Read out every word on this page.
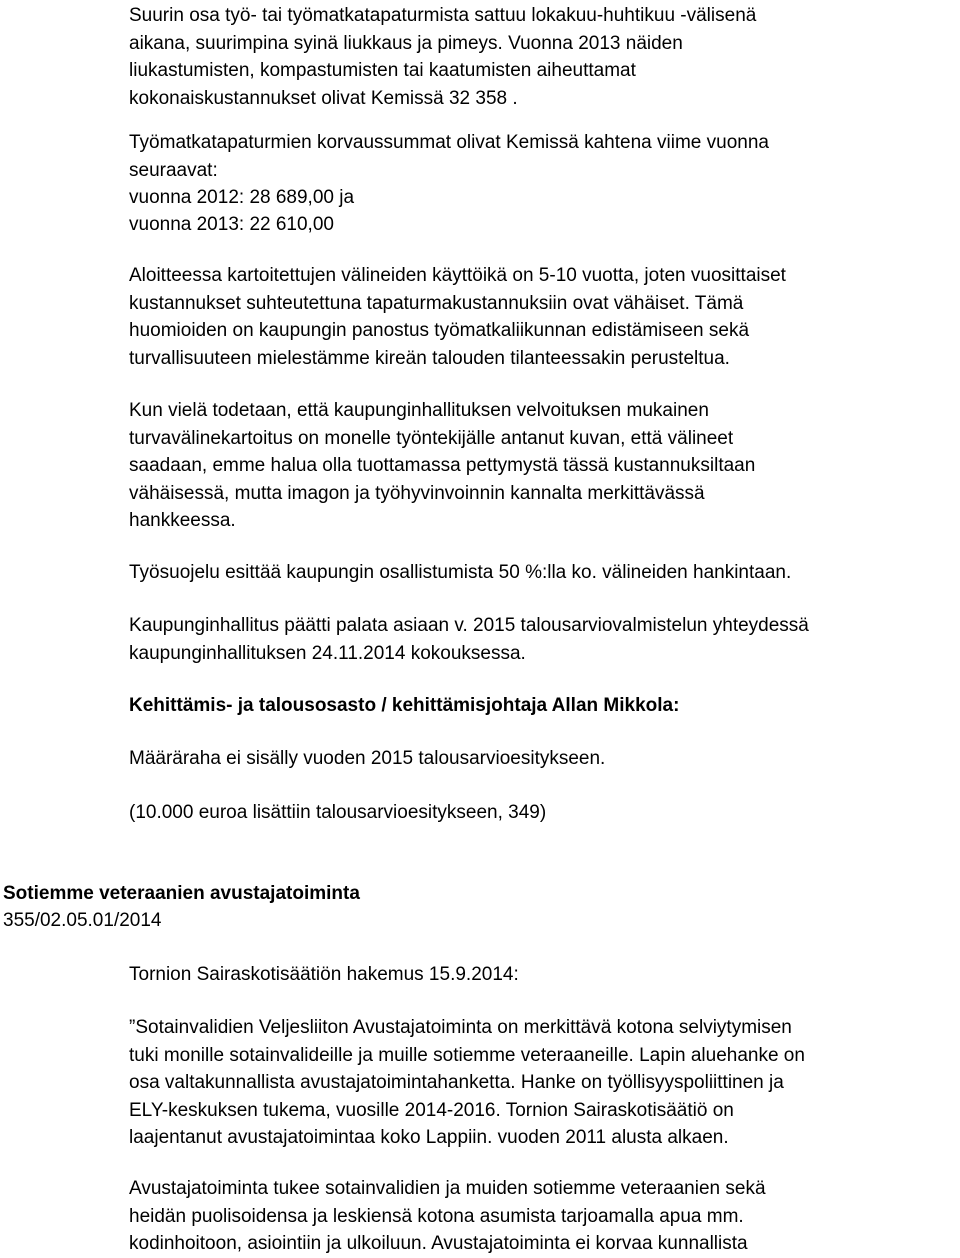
Suurin osa työ- tai työmatkatapaturmista sattuu lokakuu-huhtikuu -välisenä
aikana, suurimpina syinä liukkaus ja pimeys. Vuonna 2013 näiden
liukastumisten, kompastumisten tai kaatumisten aiheuttamat
kokonaiskustannukset olivat Kemissä 32 358 .

Työmatkatapaturmien korvaussummat olivat Kemissä kahtena viime vuonna
seuraavat:

vuonna 2012: 28 689,00 ja

vuonna 2013: 22 610,00

Aloitteessa kartoitettujen välineiden käyttöikä on 5-10 vuotta, joten vuosittaiset
kustannukset suhteutettuna tapaturmakustannuksiin ovat vähäiset. Tämä
huomioiden on kaupungin panostus työmatkaliikunnan edistämiseen sekä
turvallisuuteen mielestämme kireän talouden tilanteessakin perusteltua.

Kun vielä todetaan, että kaupunginhallituksen velvoituksen mukainen
turvavälinekartoitus on monelle työntekijälle antanut kuvan, että välineet
saadaan, emme halua olla tuottamassa pettymystä tässä kustannuksiltaan
vähäisessä, mutta imagon ja työhyvinvoinnin kannalta merkittävässä
hankkeessa.

Työsuojelu esittää kaupungin osallistumista 50 %:lla ko. välineiden hankintaan.

Kaupunginhallitus päätti palata asiaan v. 2015 talousarviovalmistelun yhteydessä
kaupunginhallituksen 24.11.2014 kokouksessa.

Kehittämis- ja talousosasto / kehittämisjohtaja Allan Mikkola:

Määräraha ei sisälly vuoden 2015 talousarvioesitykseen.

(10.000 euroa lisättiin talousarvioesitykseen, 349)

Sotiemme veteraanien avustajatoiminta

355/02.05.01/2014

Tornion Sairaskotisäätiön hakemus 15.9.2014:

”Sotainvalidien Veljesliiton Avustajatoiminta on merkittävä kotona selviytymisen
tuki monille sotainvalideille ja muille sotiemme veteraaneille. Lapin aluehanke on
osa valtakunnallista avustajatoimintahanketta. Hanke on työllisyyspoliittinen ja
ELY-keskuksen tukema, vuosille 2014-2016. Tornion Sairaskotisäätiö on
laajentanut avustajatoimintaa koko Lappiin. vuoden 2011 alusta alkaen.

Avustajatoiminta tukee sotainvalidien ja muiden sotiemme veteraanien sekä
heidän puolisoidensa ja leskiensä kotona asumista tarjoamalla apua mm.
kodinhoitoon, asiointiin ja ulkoiluun. Avustajatoiminta ei korvaa kunnallista
